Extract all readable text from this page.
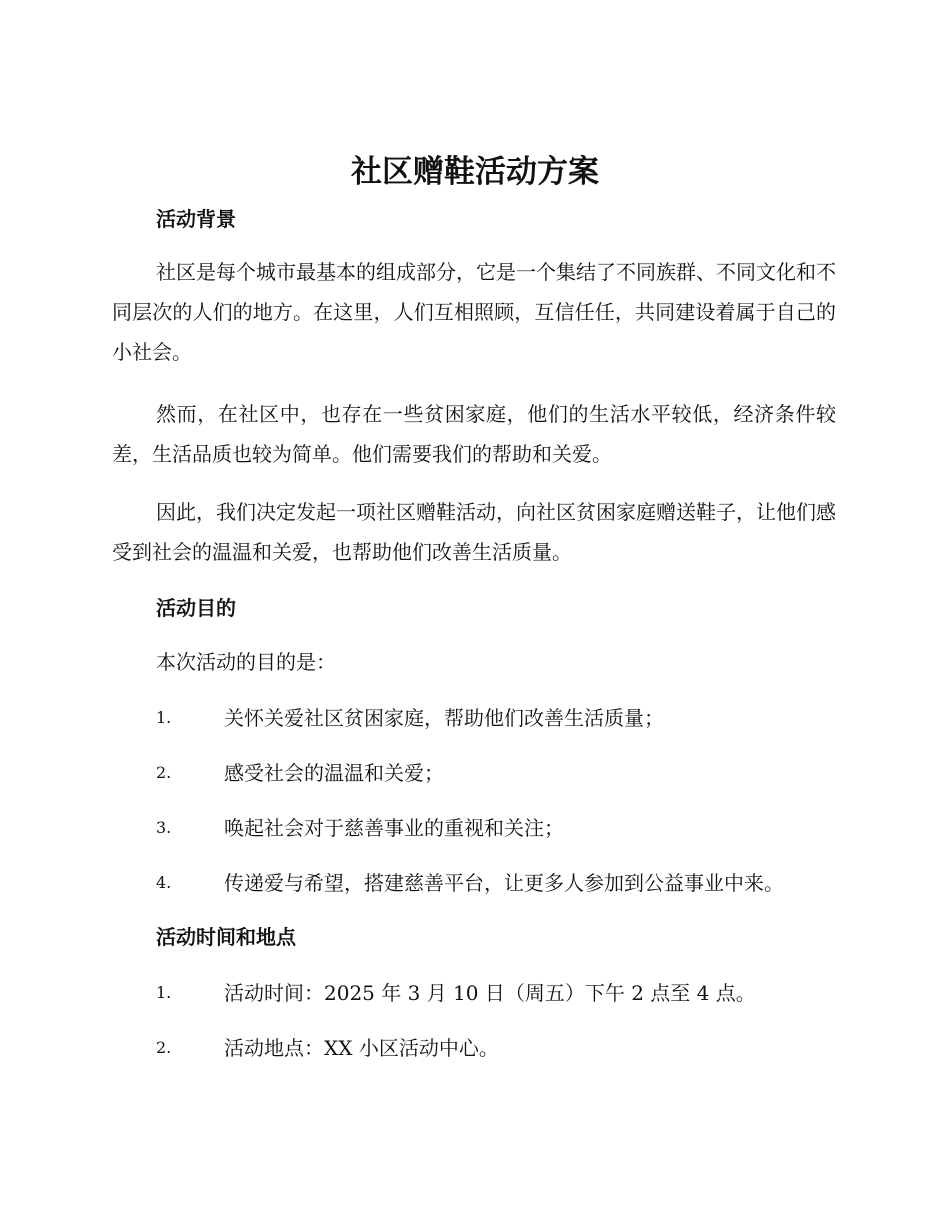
社区赠鞋活动方案
活动背景

社区是每个城市最基本的组成部分，它是一个集结了不同族群、不同文化和不同层次的人们的地方。在这里，人们互相照顾，互信任任，共同建设着属于自己的小社会。

然而，在社区中，也存在一些贫困家庭，他们的生活水平较低，经济条件较差，生活品质也较为简单。他们需要我们的帮助和关爱。

因此，我们决定发起一项社区赠鞋活动，向社区贫困家庭赠送鞋子，让他们感受到社会的温温和关爱，也帮助他们改善生活质量。

活动目的

本次活动的目的是：

1.	关怀关爱社区贫困家庭，帮助他们改善生活质量；
2.	感受社会的温温和关爱；
3.	唤起社会对于慈善事业的重视和关注；
4.	传递爱与希望，搭建慈善平台，让更多人参加到公益事业中来。
活动时间和地点
1.	活动时间：2025 年 3 月 10 日（周五）下午 2 点至 4 点。
2.	活动地点：XX 小区活动中心。
